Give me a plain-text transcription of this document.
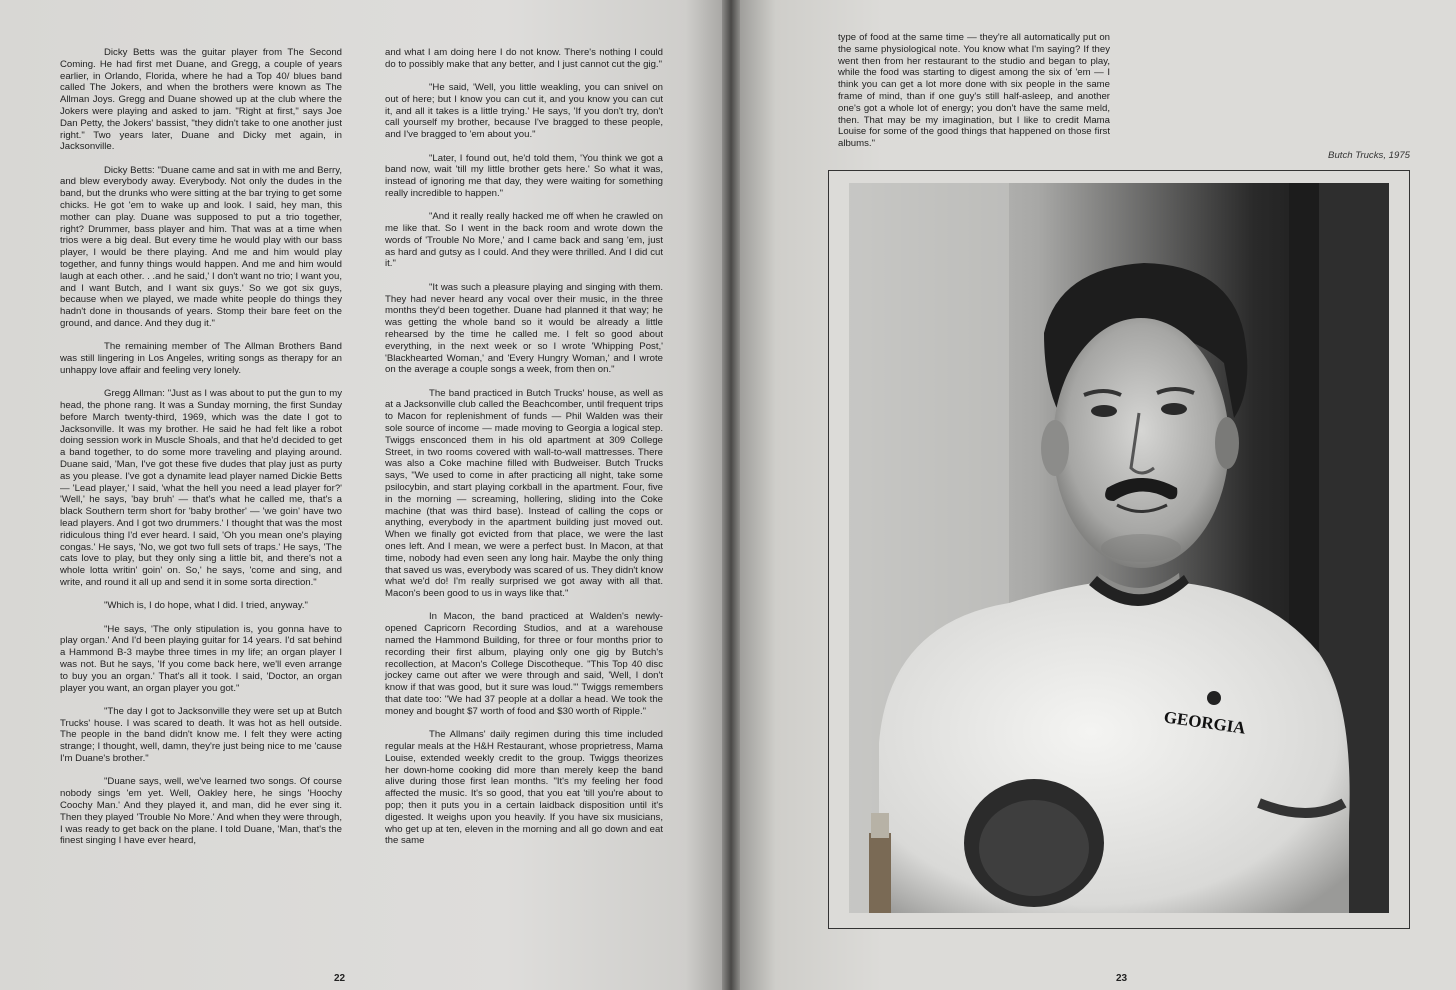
Dicky Betts was the guitar player from The Second Coming. He had first met Duane, and Gregg, a couple of years earlier, in Orlando, Florida, where he had a Top 40/ blues band called The Jokers, and when the brothers were known as The Allman Joys. Gregg and Duane showed up at the club where the Jokers were playing and asked to jam. "Right at first," says Joe Dan Petty, the Jokers' bassist, "they didn't take to one another just right." Two years later, Duane and Dicky met again, in Jacksonville.

Dicky Betts: "Duane came and sat in with me and Berry, and blew everybody away. Everybody. Not only the dudes in the band, but the drunks who were sitting at the bar trying to get some chicks. He got 'em to wake up and look. I said, hey man, this mother can play. Duane was supposed to put a trio together, right? Drummer, bass player and him. That was at a time when trios were a big deal. But every time he would play with our bass player, I would be there playing. And me and him would play together, and funny things would happen. And me and him would laugh at each other. . .and he said,' I don't want no trio; I want you, and I want Butch, and I want six guys.' So we got six guys, because when we played, we made white people do things they hadn't done in thousands of years. Stomp their bare feet on the ground, and dance. And they dug it."

The remaining member of The Allman Brothers Band was still lingering in Los Angeles, writing songs as therapy for an unhappy love affair and feeling very lonely.

Gregg Allman: "Just as I was about to put the gun to my head, the phone rang. It was a Sunday morning, the first Sunday before March twenty-third, 1969, which was the date I got to Jacksonville. It was my brother. He said he had felt like a robot doing session work in Muscle Shoals, and that he'd decided to get a band together, to do some more traveling and playing around. Duane said, 'Man, I've got these five dudes that play just as purty as you please. I've got a dynamite lead player named Dickie Betts — 'Lead player,' I said, 'what the hell you need a lead player for?' 'Well,' he says, 'bay bruh' — that's what he called me, that's a black Southern term short for 'baby brother' — 'we goin' have two lead players. And I got two drummers.' I thought that was the most ridiculous thing I'd ever heard. I said, 'Oh you mean one's playing congas.' He says, 'No, we got two full sets of traps.' He says, 'The cats love to play, but they only sing a little bit, and there's not a whole lotta writin' goin' on. So,' he says, 'come and sing, and write, and round it all up and send it in some sorta direction."

"Which is, I do hope, what I did. I tried, anyway."

"He says, 'The only stipulation is, you gonna have to play organ.' And I'd been playing guitar for 14 years. I'd sat behind a Hammond B-3 maybe three times in my life; an organ player I was not. But he says, 'If you come back here, we'll even arrange to buy you an organ.' That's all it took. I said, 'Doctor, an organ player you want, an organ player you got."

"The day I got to Jacksonville they were set up at Butch Trucks' house. I was scared to death. It was hot as hell outside. The people in the band didn't know me. I felt they were acting strange; I thought, well, damn, they're just being nice to me 'cause I'm Duane's brother."

"Duane says, well, we've learned two songs. Of course nobody sings 'em yet. Well, Oakley here, he sings 'Hoochy Coochy Man.' And they played it, and man, did he ever sing it. Then they played 'Trouble No More.' And when they were through, I was ready to get back on the plane. I told Duane, 'Man, that's the finest singing I have ever heard,

and what I am doing here I do not know. There's nothing I could do to possibly make that any better, and I just cannot cut the gig."

"He said, 'Well, you little weakling, you can snivel on out of here; but I know you can cut it, and you know you can cut it, and all it takes is a little trying.' He says, 'If you don't try, don't call yourself my brother, because I've bragged to these people, and I've bragged to 'em about you."

"Later, I found out, he'd told them, 'You think we got a band now, wait 'till my little brother gets here.' So what it was, instead of ignoring me that day, they were waiting for something really incredible to happen."

"And it really really hacked me off when he crawled on me like that. So I went in the back room and wrote down the words of 'Trouble No More,' and I came back and sang 'em, just as hard and gutsy as I could. And they were thrilled. And I did cut it."

"It was such a pleasure playing and singing with them. They had never heard any vocal over their music, in the three months they'd been together. Duane had planned it that way; he was getting the whole band so it would be already a little rehearsed by the time he called me. I felt so good about everything, in the next week or so I wrote 'Whipping Post,' 'Blackhearted Woman,' and 'Every Hungry Woman,' and I wrote on the average a couple songs a week, from then on."

The band practiced in Butch Trucks' house, as well as at a Jacksonville club called the Beachcomber, until frequent trips to Macon for replenishment of funds — Phil Walden was their sole source of income — made moving to Georgia a logical step. Twiggs ensconced them in his old apartment at 309 College Street, in two rooms covered with wall-to-wall mattresses. There was also a Coke machine filled with Budweiser. Butch Trucks says, "We used to come in after practicing all night, take some psilocybin, and start playing corkball in the apartment. Four, five in the morning — screaming, hollering, sliding into the Coke machine (that was third base). Instead of calling the cops or anything, everybody in the apartment building just moved out. When we finally got evicted from that place, we were the last ones left. And I mean, we were a perfect bust. In Macon, at that time, nobody had even seen any long hair. Maybe the only thing that saved us was, everybody was scared of us. They didn't know what we'd do! I'm really surprised we got away with all that. Macon's been good to us in ways like that."

In Macon, the band practiced at Walden's newly-opened Capricorn Recording Studios, and at a warehouse named the Hammond Building, for three or four months prior to recording their first album, playing only one gig by Butch's recollection, at Macon's College Discotheque. "This Top 40 disc jockey came out after we were through and said, 'Well, I don't know if that was good, but it sure was loud.'" Twiggs remembers that date too: "We had 37 people at a dollar a head. We took the money and bought $7 worth of food and $30 worth of Ripple."

The Allmans' daily regimen during this time included regular meals at the H&H Restaurant, whose proprietress, Mama Louise, extended weekly credit to the group. Twiggs theorizes her down-home cooking did more than merely keep the band alive during those first lean months. "It's my feeling her food affected the music. It's so good, that you eat 'till you're about to pop; then it puts you in a certain laidback disposition until it's digested. It weighs upon you heavily. If you have six musicians, who get up at ten, eleven in the morning and all go down and eat the same

22

type of food at the same time — they're all automatically put on the same physiological note. You know what I'm saying? If they went then from her restaurant to the studio and began to play, while the food was starting to digest among the six of 'em — I think you can get a lot more done with six people in the same frame of mind, than if one guy's still half-asleep, and another one's got a whole lot of energy; you don't have the same meld, then. That may be my imagination, but I like to credit Mama Louise for some of the good things that happened on those first albums."

Butch Trucks, 1975
GEORGIA
23
